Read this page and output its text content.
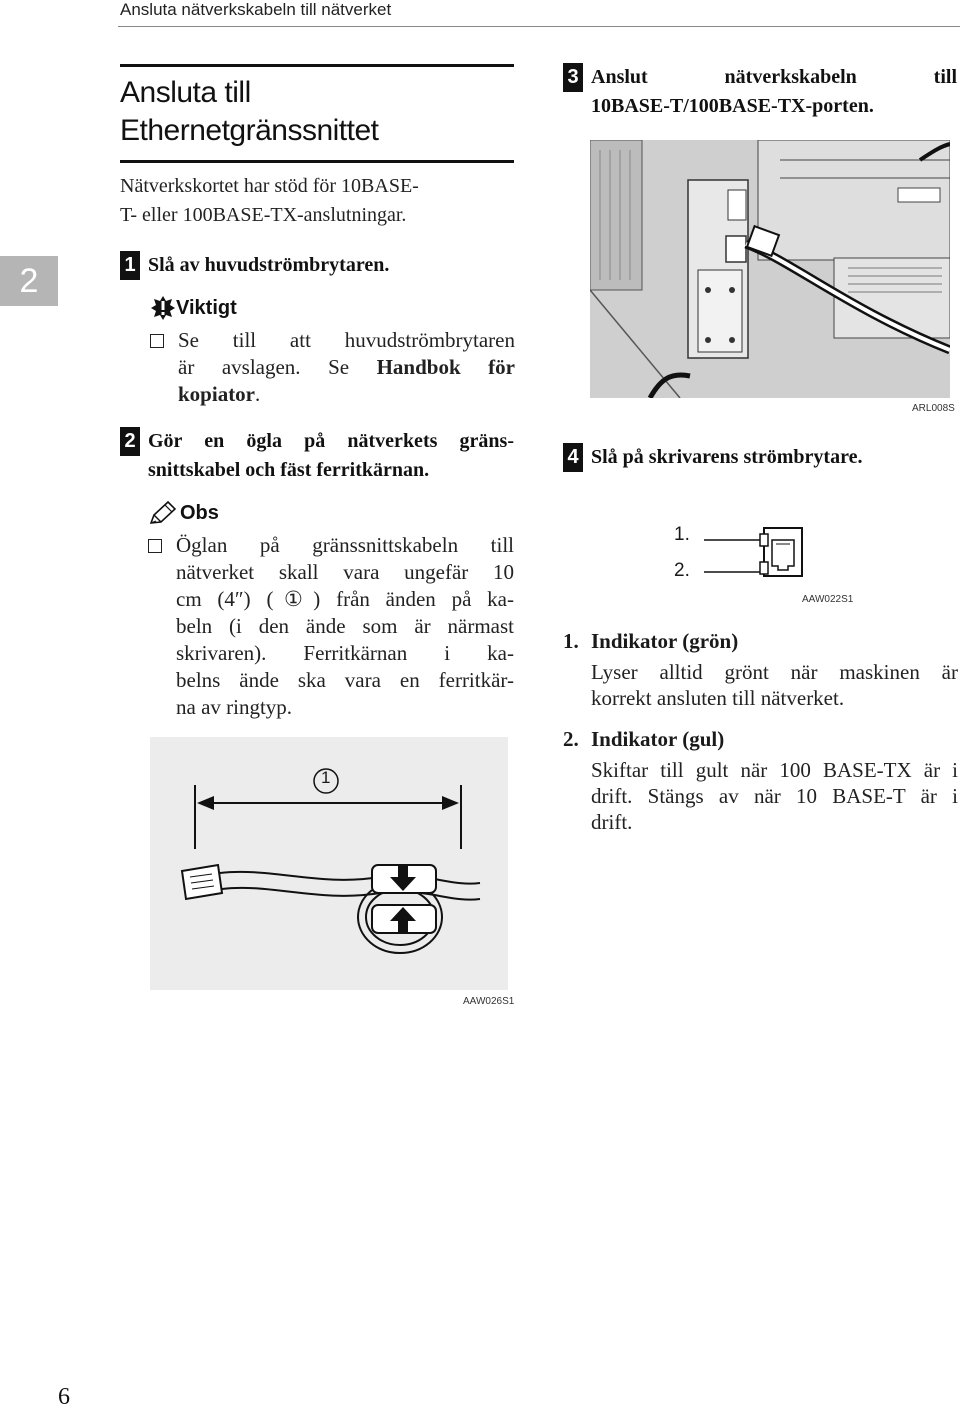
Ansluta nätverkskabeln till nätverket
2
Ansluta till
Ethernetgränssnittet
Nätverkskortet har stöd för 10BASE-
T- eller 100BASE-TX-anslutningar.
1 Slå av huvudströmbrytaren.
Viktigt
Se till att huvudströmbrytaren
är avslagen. Se Handbok för
kopiator.
2 Gör en ögla på nätverkets gräns-
snittskabel och fäst ferritkärnan.
Obs
Öglan på gränssnittskabeln till
nätverket skall vara ungefär 10
cm (4″) (①) från änden på ka-
beln (i den ände som är närmast
skrivaren). Ferritkärnan i ka-
belns ände ska vara en ferritkär-
na av ringtyp.
1
AAW026S1
3 Anslut nätverkskabeln till
10BASE-T/100BASE-TX-porten.
ARL008S
4 Slå på skrivarens strömbrytare.
1.
2.
AAW022S1
1. Indikator (grön)
Lyser alltid grönt när maskinen är
korrekt ansluten till nätverket.
2. Indikator (gul)
Skiftar till gult när 100 BASE-TX är i
drift. Stängs av när 10 BASE-T är i
drift.
6
